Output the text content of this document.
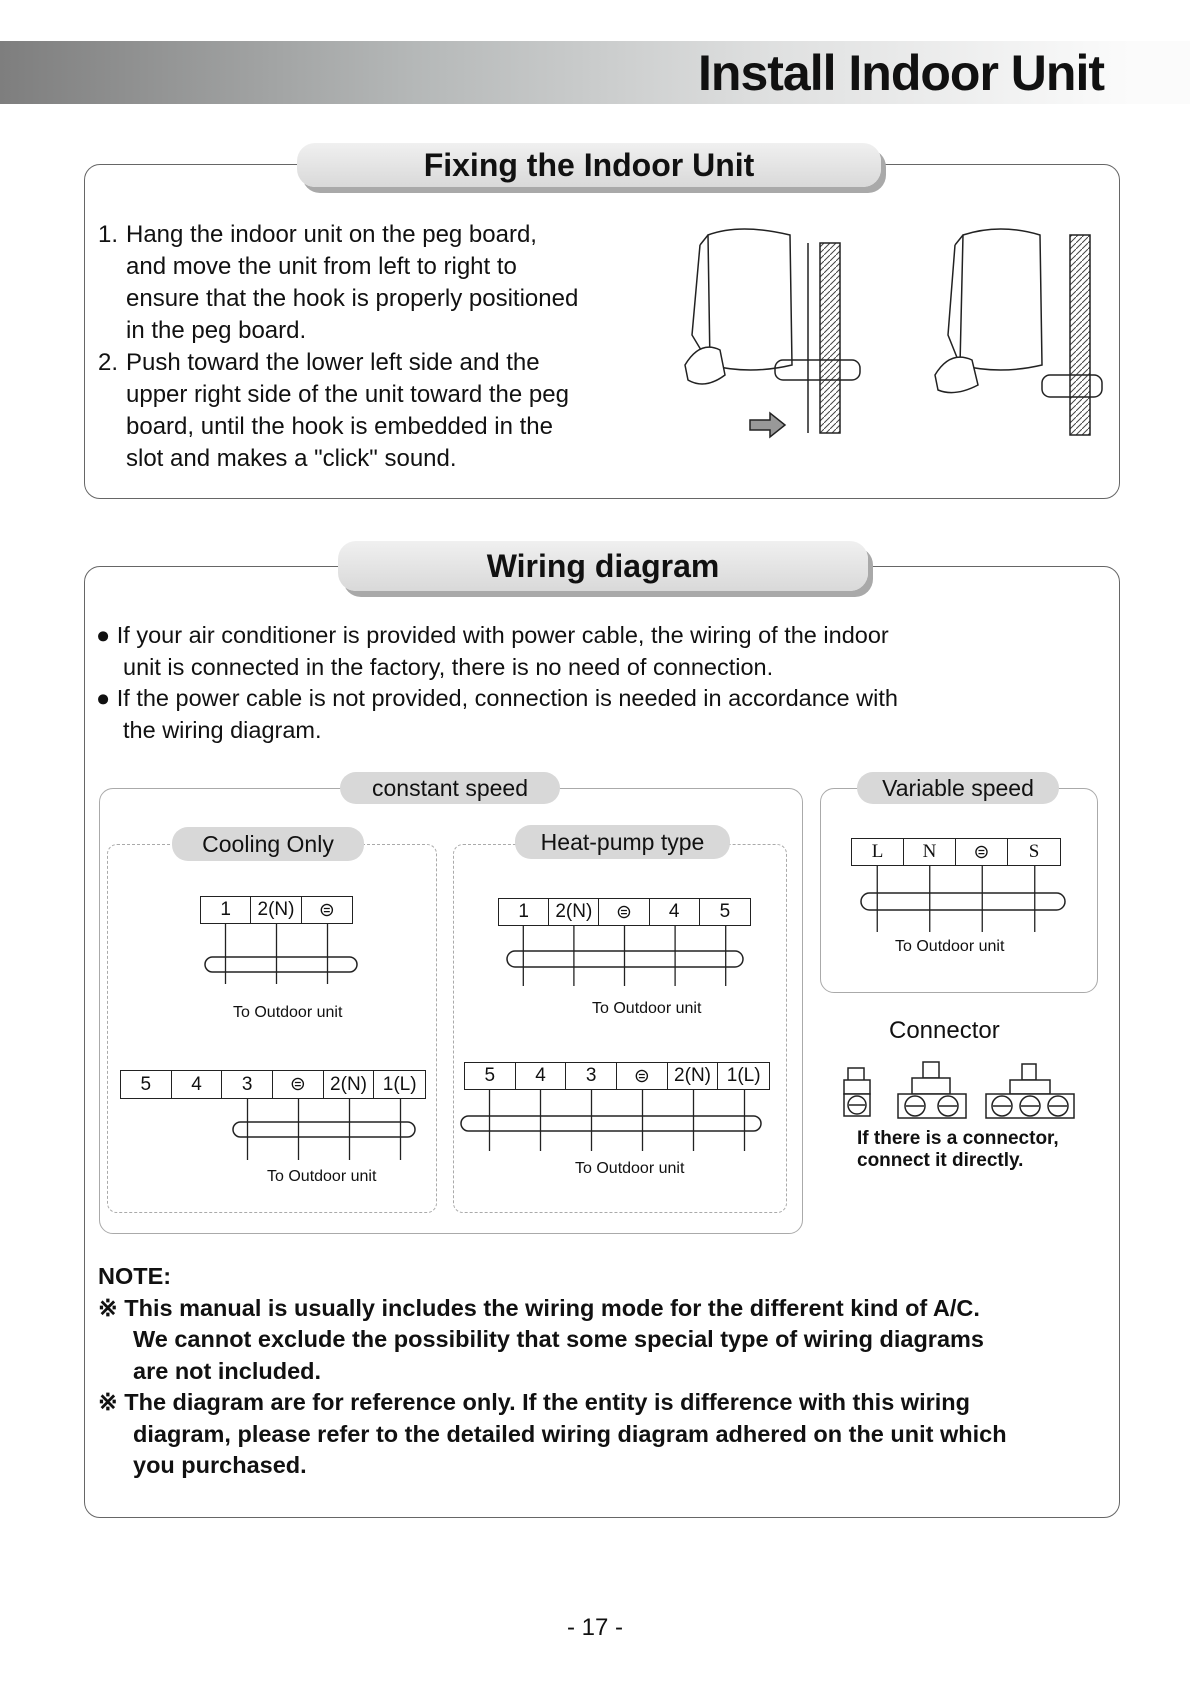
Install Indoor Unit
Fixing the Indoor Unit
1. Hang the indoor unit on the peg board,
and move the unit from left to right to
ensure that the hook is properly positioned
in the peg board.
2. Push toward the lower left side and the
upper right side of the unit toward the peg
board, until the hook is embedded in the
slot and makes a "click" sound.
Wiring diagram
● If your air conditioner is provided with power cable, the wiring of the indoor
unit is connected in the factory, there is no need of connection.
● If the power cable is not provided, connection is needed in accordance with
the wiring diagram.
constant speed
Cooling Only	Heat-pump type
Variable speed
1	2(N)	⊜
To Outdoor unit
5	4	3	⊜	2(N) 1(L)
To Outdoor unit
1	2(N)	⊜	4	5
To Outdoor unit
5	4	3	⊜	2(N) 1(L)
To Outdoor unit
L	N	⊜	S
To Outdoor unit
Connector
If there is a connector,
connect it directly.
NOTE:
※ This manual is usually includes the wiring mode for the different kind of A/C.
We cannot exclude the possibility that some special type of wiring diagrams
are not included.
※ The diagram are for reference only. If the entity is difference with this wiring
diagram, please refer to the detailed wiring diagram adhered on the unit which
you purchased.
- 17 -
